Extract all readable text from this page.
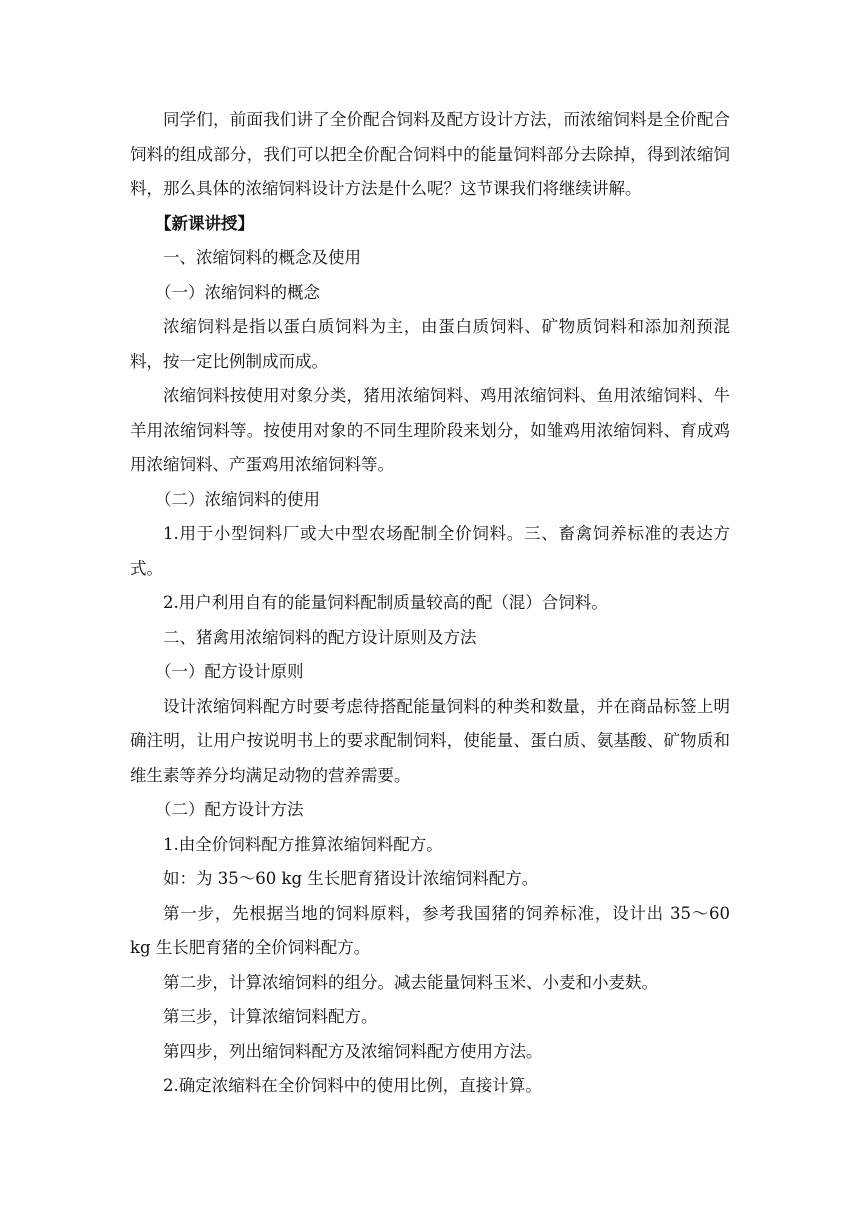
同学们，前面我们讲了全价配合饲料及配方设计方法，而浓缩饲料是全价配合饲料的组成部分，我们可以把全价配合饲料中的能量饲料部分去除掉，得到浓缩饲料，那么具体的浓缩饲料设计方法是什么呢？这节课我们将继续讲解。

【新课讲授】

一、浓缩饲料的概念及使用

（一）浓缩饲料的概念

浓缩饲料是指以蛋白质饲料为主，由蛋白质饲料、矿物质饲料和添加剂预混料，按一定比例制成而成。

浓缩饲料按使用对象分类，猪用浓缩饲料、鸡用浓缩饲料、鱼用浓缩饲料、牛羊用浓缩饲料等。按使用对象的不同生理阶段来划分，如雏鸡用浓缩饲料、育成鸡用浓缩饲料、产蛋鸡用浓缩饲料等。

（二）浓缩饲料的使用

1.用于小型饲料厂或大中型农场配制全价饲料。三、畜禽饲养标准的表达方式。

2.用户利用自有的能量饲料配制质量较高的配（混）合饲料。

二、猪禽用浓缩饲料的配方设计原则及方法

（一）配方设计原则

设计浓缩饲料配方时要考虑待搭配能量饲料的种类和数量，并在商品标签上明确注明，让用户按说明书上的要求配制饲料，使能量、蛋白质、氨基酸、矿物质和维生素等养分均满足动物的营养需要。

（二）配方设计方法

1.由全价饲料配方推算浓缩饲料配方。

如：为 35～60 kg 生长肥育猪设计浓缩饲料配方。

第一步，先根据当地的饲料原料，参考我国猪的饲养标准，设计出 35～60 kg 生长肥育猪的全价饲料配方。

第二步，计算浓缩饲料的组分。减去能量饲料玉米、小麦和小麦麸。

第三步，计算浓缩饲料配方。

第四步，列出缩饲料配方及浓缩饲料配方使用方法。

2.确定浓缩料在全价饲料中的使用比例，直接计算。
